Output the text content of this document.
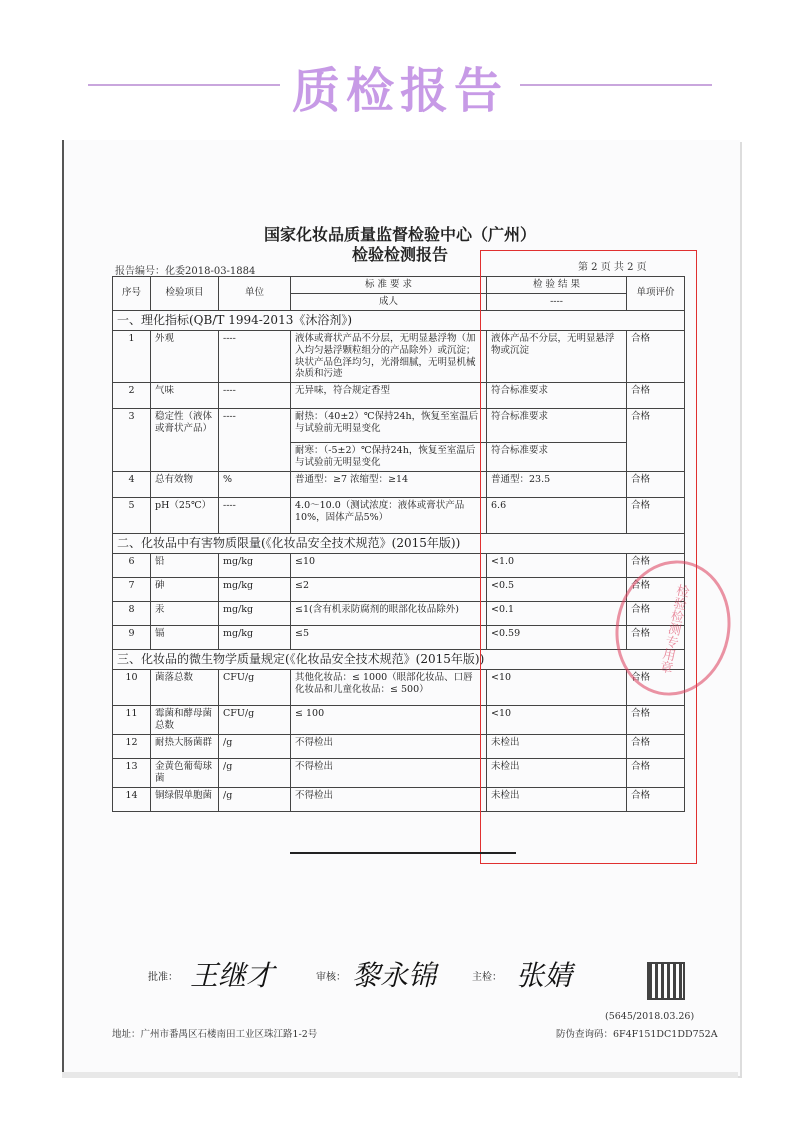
质检报告
国家化妆品质量监督检验中心（广州）
检验检测报告
报告编号：化委2018-03-1884	第 2 页 共 2 页
序号	检验项目	单位	标 准 要 求	检 验 结 果	单项评价
			成人	----	
一、理化指标(QB/T 1994-2013《沐浴剂》)					
1	外观	----	液体或膏状产品不分层，无明显悬浮物（加入均匀悬浮颗粒组分的产品除外）或沉淀；块状产品色泽均匀，光滑细腻，无明显机械杂质和污迹	液体产品不分层，无明显悬浮物或沉淀	合格
2	气味	----	无异味，符合规定香型	符合标准要求	合格
3	稳定性（液体或膏状产品）	----	耐热：（40±2）℃保持24h，恢复至室温后与试验前无明显变化	符合标准要求	合格
			耐寒：（-5±2）℃保持24h，恢复至室温后与试验前无明显变化	符合标准要求	
4	总有效物	%	普通型：≥7 浓缩型：≥14	普通型：23.5	合格
5	pH（25℃）	----	4.0～10.0（测试浓度：液体或膏状产品10%，固体产品5%）	6.6	合格
二、化妆品中有害物质限量(《化妆品安全技术规范》(2015年版))					
6	铅	mg/kg	≤10	<1.0	合格
7	砷	mg/kg	≤2	<0.5	合格
8	汞	mg/kg	≤1(含有机汞防腐剂的眼部化妆品除外)	<0.1	合格
9	镉	mg/kg	≤5	<0.59	合格
三、化妆品的微生物学质量规定(《化妆品安全技术规范》(2015年版))					
10	菌落总数	CFU/g	其他化妆品：≤ 1000（眼部化妆品、口唇化妆品和儿童化妆品：≤ 500）	<10	合格
11	霉菌和酵母菌总数	CFU/g	≤ 100	<10	合格
12	耐热大肠菌群	/g	不得检出	未检出	合格
13	金黄色葡萄球菌	/g	不得检出	未检出	合格
14	铜绿假单胞菌	/g	不得检出	未检出	合格
检验检测专用章
批准： 王继才	审核： 黎永锦	主检： 张婧
地址：广州市番禺区石楼南田工业区珠江路1-2号
(5645/2018.03.26)
防伪查询码：6F4F151DC1DD752A
